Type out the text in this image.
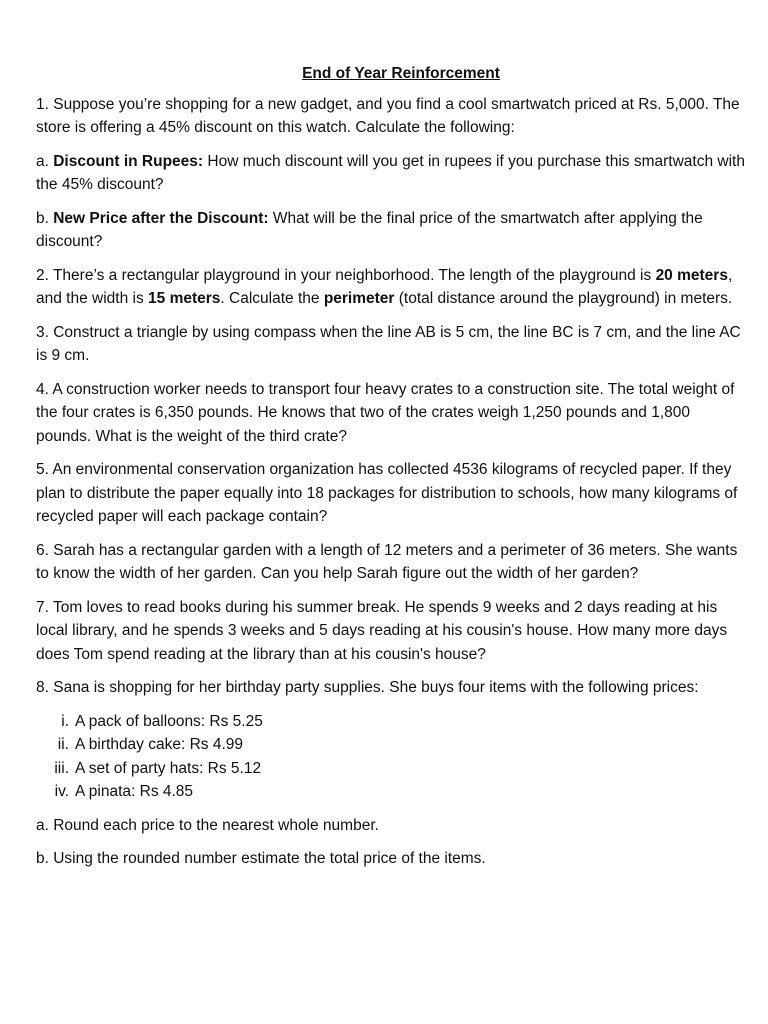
End of Year Reinforcement

1. Suppose you’re shopping for a new gadget, and you find a cool smartwatch priced at Rs. 5,000. The store is offering a 45% discount on this watch. Calculate the following:

a. Discount in Rupees: How much discount will you get in rupees if you purchase this smartwatch with the 45% discount?

b. New Price after the Discount: What will be the final price of the smartwatch after applying the discount?

2. There’s a rectangular playground in your neighborhood. The length of the playground is 20 meters, and the width is 15 meters. Calculate the perimeter (total distance around the playground) in meters.

3. Construct a triangle by using compass when the line AB is 5 cm, the line BC is 7 cm, and the line AC is 9 cm.

4. A construction worker needs to transport four heavy crates to a construction site. The total weight of the four crates is 6,350 pounds. He knows that two of the crates weigh 1,250 pounds and 1,800 pounds. What is the weight of the third crate?

5. An environmental conservation organization has collected 4536 kilograms of recycled paper. If they plan to distribute the paper equally into 18 packages for distribution to schools, how many kilograms of recycled paper will each package contain?

6. Sarah has a rectangular garden with a length of 12 meters and a perimeter of 36 meters. She wants to know the width of her garden. Can you help Sarah figure out the width of her garden?

7. Tom loves to read books during his summer break. He spends 9 weeks and 2 days reading at his local library, and he spends 3 weeks and 5 days reading at his cousin's house. How many more days does Tom spend reading at the library than at his cousin's house?

8. Sana is shopping for her birthday party supplies. She buys four items with the following prices:

i. A pack of balloons: Rs 5.25
ii. A birthday cake: Rs 4.99
iii. A set of party hats: Rs 5.12
iv. A pinata: Rs 4.85

a. Round each price to the nearest whole number.

b. Using the rounded number estimate the total price of the items.
